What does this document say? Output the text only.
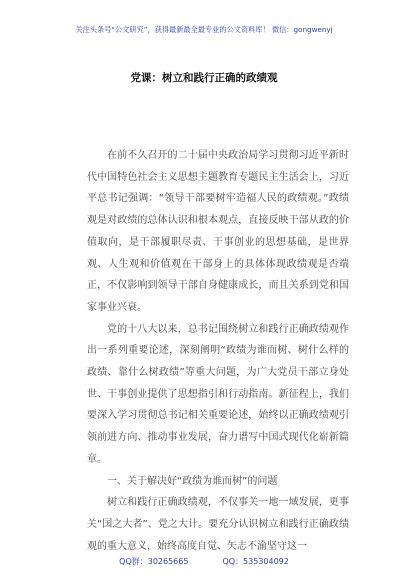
关注头条号“公文研究”，获得最新最全最专业的公文资料库！ 微信：gongwenyj
党课：树立和践行正确的政绩观

在前不久召开的二十届中央政治局学习贯彻习近平新时代中国特色社会主义思想主题教育专题民主生活会上，习近平总书记强调：“领导干部要树牢造福人民的政绩观。”政绩观是对政绩的总体认识和根本观点，直接反映干部从政的价值取向，是干部履职尽责、干事创业的思想基础，是世界观、人生观和价值观在干部身上的具体体现政绩观是否端正，不仅影响到领导干部自身健康成长，而且关系到党和国家事业兴衰。

党的十八大以来，总书记围绕树立和践行正确政绩观作出一系列重要论述，深刻阐明“政绩为谁而树、树什么样的政绩、靠什么树政绩”等重大问题，为广大党员干部立身处世、干事创业提供了思想指引和行动指南。新征程上，我们要深入学习贯彻总书记相关重要论述，始终以正确政绩观引领前进方向、推动事业发展，奋力谱写中国式现代化崭新篇章。

一、关于解决好“政绩为谁而树”的问题

树立和践行正确政绩观，不仅事关一地一域发展，更事关“国之大者”、党之大计。要充分认识树立和践行正确政绩观的重大意义，始终高度自觉、矢志不渝坚守这一

QQ群：30265665	QQ：535304092
